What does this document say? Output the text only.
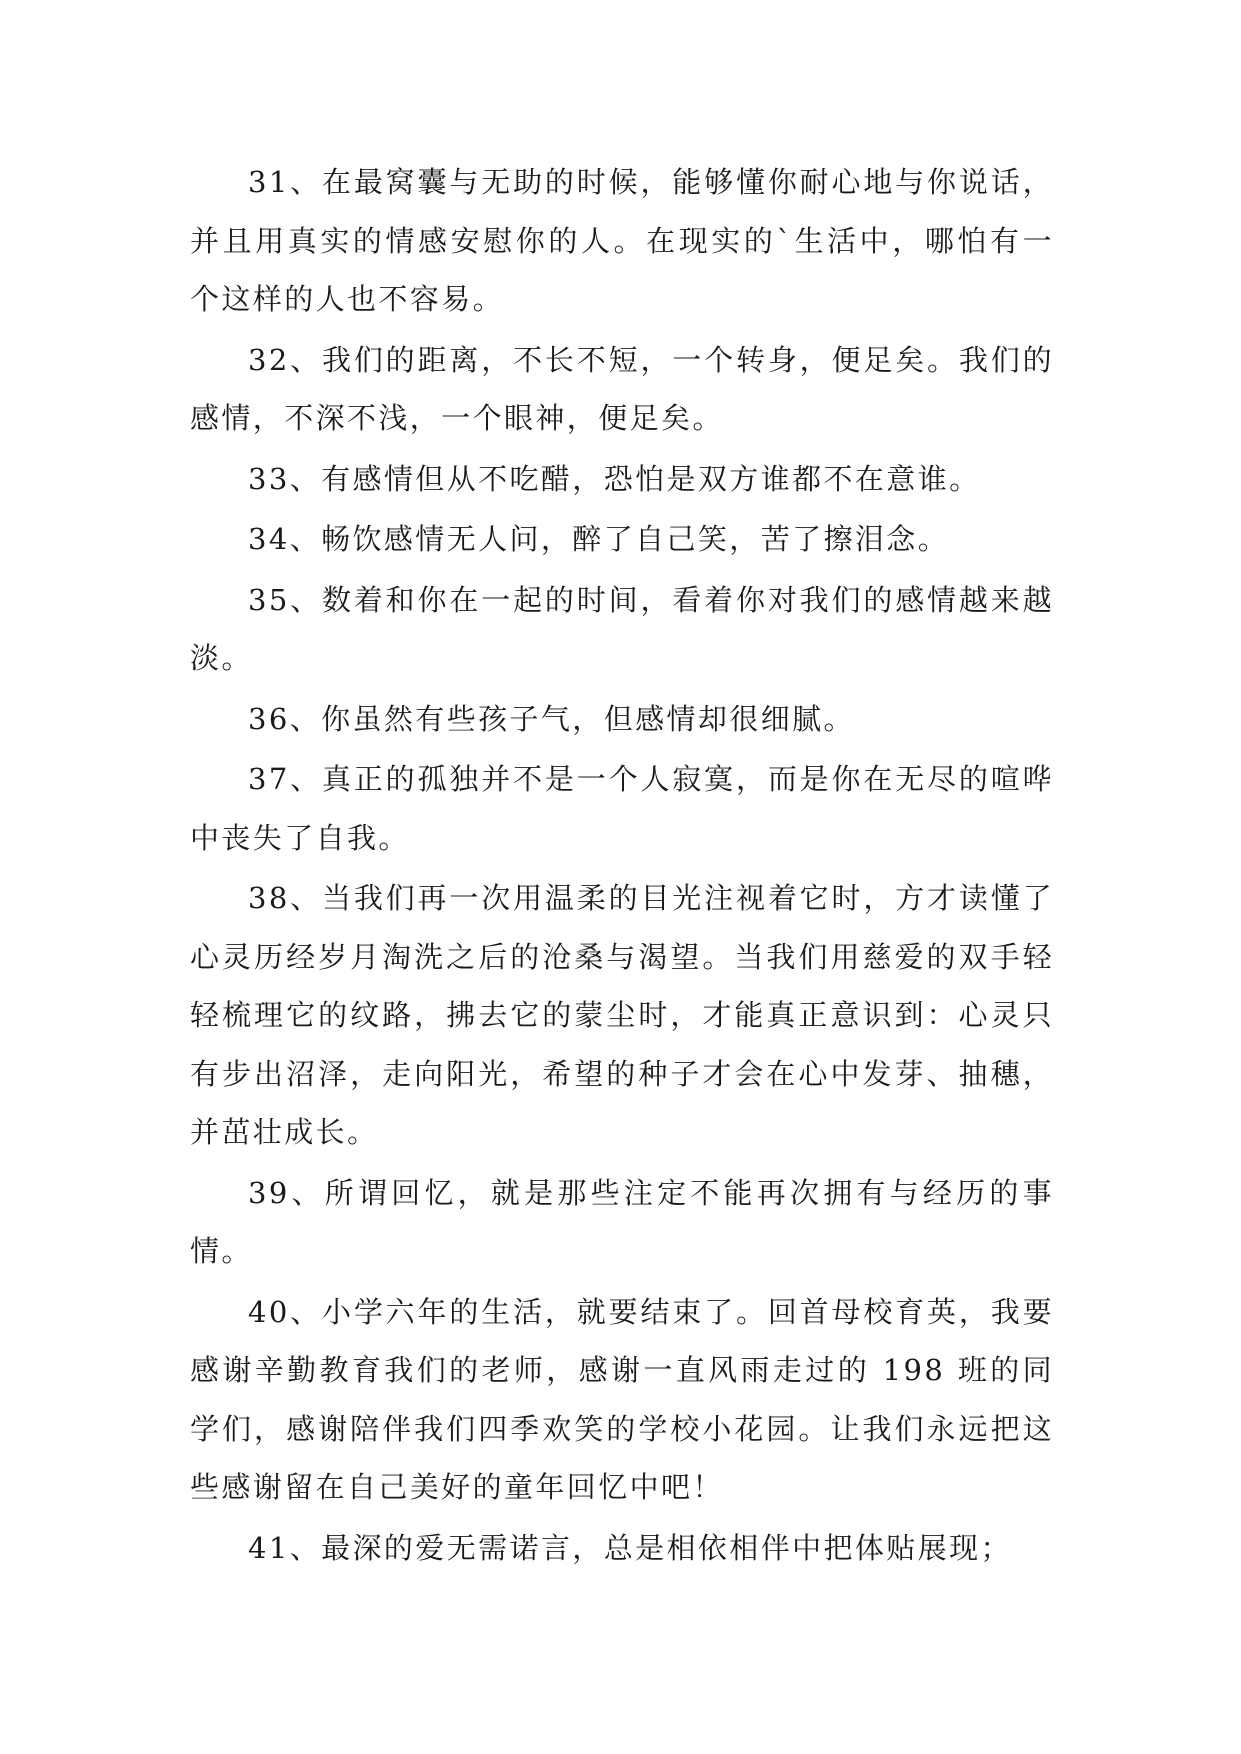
31、在最窝囊与无助的时候，能够懂你耐心地与你说话，并且用真实的情感安慰你的人。在现实的`生活中，哪怕有一个这样的人也不容易。

32、我们的距离，不长不短，一个转身，便足矣。我们的感情，不深不浅，一个眼神，便足矣。

33、有感情但从不吃醋，恐怕是双方谁都不在意谁。

34、畅饮感情无人问，醉了自己笑，苦了擦泪念。

35、数着和你在一起的时间，看着你对我们的感情越来越淡。

36、你虽然有些孩子气，但感情却很细腻。

37、真正的孤独并不是一个人寂寞，而是你在无尽的喧哗中丧失了自我。

38、当我们再一次用温柔的目光注视着它时，方才读懂了心灵历经岁月淘洗之后的沧桑与渴望。当我们用慈爱的双手轻轻梳理它的纹路，拂去它的蒙尘时，才能真正意识到：心灵只有步出沼泽，走向阳光，希望的种子才会在心中发芽、抽穗，并茁壮成长。

39、所谓回忆，就是那些注定不能再次拥有与经历的事情。

40、小学六年的生活，就要结束了。回首母校育英，我要感谢辛勤教育我们的老师，感谢一直风雨走过的 198 班的同学们，感谢陪伴我们四季欢笑的学校小花园。让我们永远把这些感谢留在自己美好的童年回忆中吧！

41、最深的爱无需诺言，总是相依相伴中把体贴展现；
